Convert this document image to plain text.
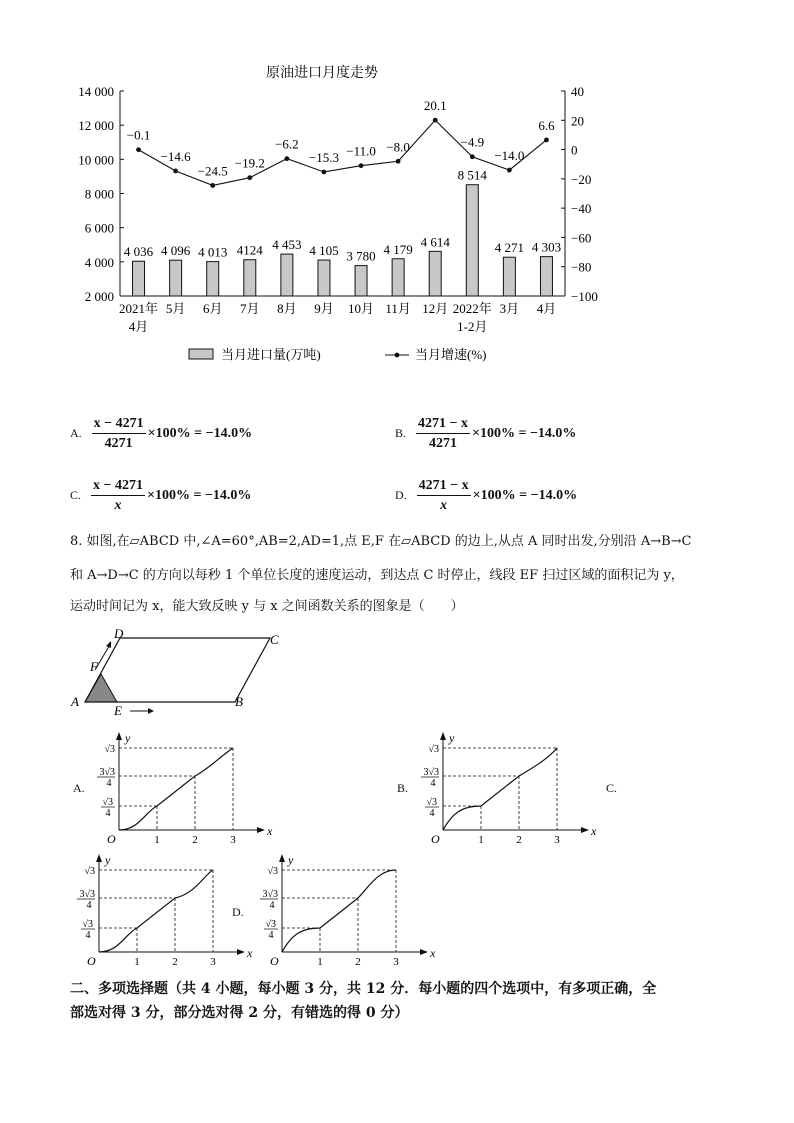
原油进口月度走势
2 000
4 000
6 000
8 000
10 000
12 000
14 000
−100
−80
−60
−40
−20
0
20
40
4 036 4 096 4 013 4124 4 453 4 105 3 780 4 179 4 614
8 514
4 271 4 303
−0.1
−14.6
−24.5
−19.2
−6.2
−15.3 −11.0 −8.0
20.1
−4.9
−14.0
6.6
2021年
4月
5月 6月 7月 8月 9月 10月 11月 12月 2022年
1-2月
3月 4月
当月进口量(万吨)	当月增速(%)
A. $\frac{x - 4271}{4271} \times 100\% = -14.0\%$	B. $\frac{4271 - x}{4271} \times 100\% = -14.0\%$
C. $\frac{x - 4271}{x} \times 100\% = -14.0\%$	D. $\frac{4271 - x}{x} \times 100\% = -14.0\%$
8. 如图,在▱ABCD 中,∠A=60°,AB=2,AD=1,点 E,F 在▱ABCD 的边上,从点 A 同时出发,分别沿 A→B→C
和 A→D→C 的方向以每秒 1 个单位长度的速度运动，到达点 C 时停止，线段 EF 扫过区域的面积记为 y，
运动时间记为 x，能大致反映 y 与 x 之间函数关系的图象是（　　）
A	B
C
D
E
F
A.
y
x
O	1	2	3
√3
3√3
4
√3
4
B.
y
x
O	1	2	3
√3
3√3
4
√3
4
C.
y
x
O	1	2	3
√3
3√3
4
√3
4
D.
y
x
O	1	2	3
√3
3√3
4
√3
4
二、多项选择题（共 4 小题，每小题 3 分，共 12 分．每小题的四个选项中，有多项正确，全
部选对得 3 分，部分选对得 2 分，有错选的得 0 分）
